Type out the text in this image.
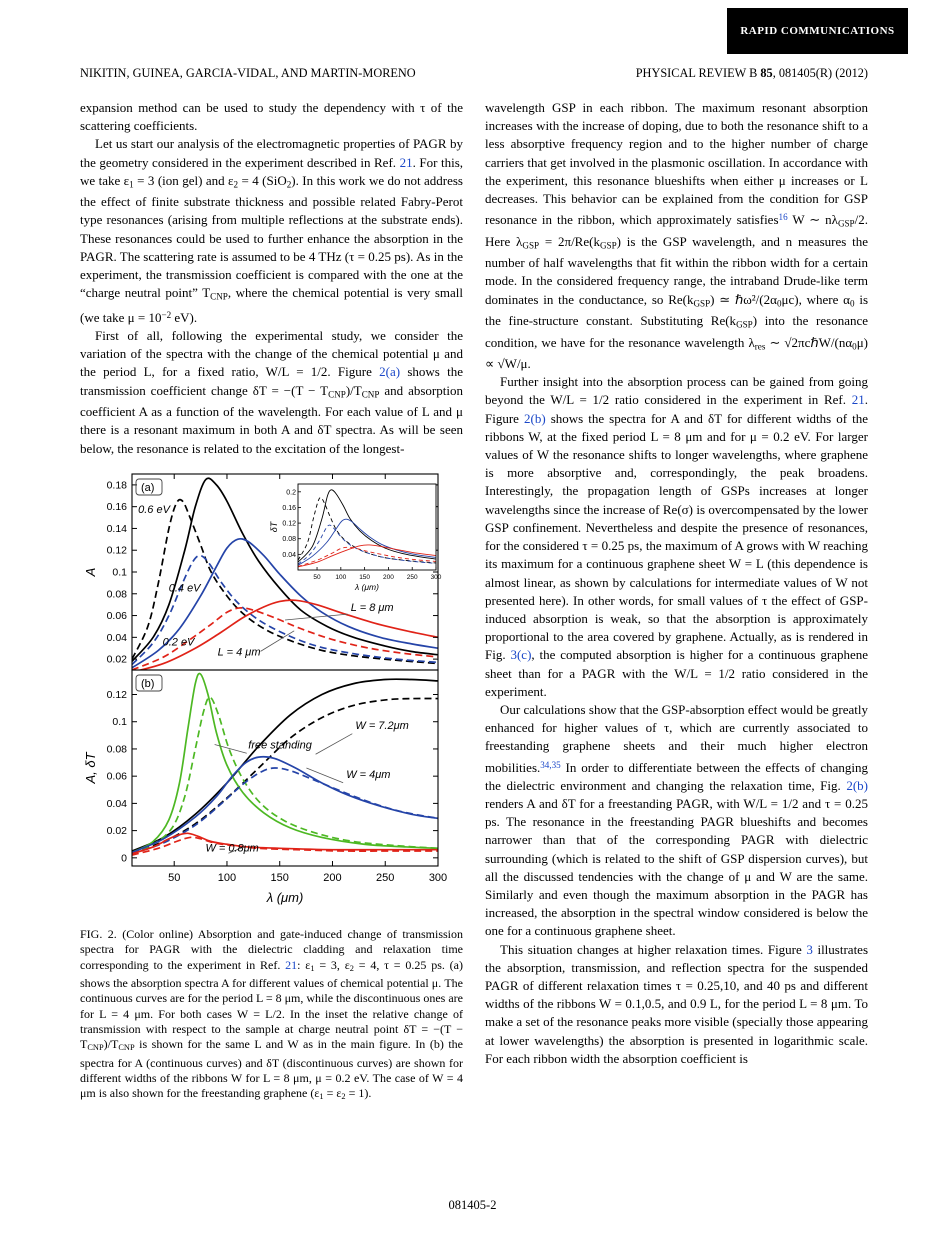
RAPID COMMUNICATIONS
NIKITIN, GUINEA, GARCIA-VIDAL, AND MARTIN-MORENO	PHYSICAL REVIEW B 85, 081405(R) (2012)

expansion method can be used to study the dependency with τ of the scattering coefficients.

Let us start our analysis of the electromagnetic properties of PAGR by the geometry considered in the experiment described in Ref. 21. For this, we take $\varepsilon_1 = 3$ (ion gel) and $\varepsilon_2 = 4$ (SiO$_2$). In this work we do not address the effect of finite substrate thickness and possible related Fabry-Perot type resonances (arising from multiple reflections at the substrate ends). These resonances could be used to further enhance the absorption in the PAGR. The scattering rate is assumed to be 4 THz (τ = 0.25 ps). As in the experiment, the transmission coefficient is compared with the one at the “charge neutral point” $T_{CNP}$, where the chemical potential is very small (we take $\mu = 10^{-2}$ eV).

First of all, following the experimental study, we consider the variation of the spectra with the change of the chemical potential μ and the period L, for a fixed ratio, W/L = 1/2. Figure 2(a) shows the transmission coefficient change $\delta T = -(T - T_{CNP})/T_{CNP}$ and absorption coefficient A as a function of the wavelength. For each value of L and μ there is a resonant maximum in both A and δT spectra. As will be seen below, the resonance is related to the excitation of the longest-

0.18
0.16
0.14
0.12
0.1
0.08
0.06
0.04
0.02
0.6 eV
0.4 eV
0.2 eV
L = 8 μm
L = 4 μm
(a)
A
0.12
0.1
0.08
0.06
0.04
0.02
0
W = 7.2μm
free standing
W = 4μm
W = 0.8μm
(b)
A, δT
50	100	150	200	250	300
λ (μm)
0.2
0.16
0.12
0.08
0.04
50 100 150 200 250 300
δT
λ (μm)
FIG. 2. (Color online) Absorption and gate-induced change of transmission spectra for PAGR with the dielectric cladding and relaxation time corresponding to the experiment in Ref. 21: $\varepsilon_1 = 3$, $\varepsilon_2 = 4$, τ = 0.25 ps. (a) shows the absorption spectra A for different values of chemical potential μ. The continuous curves are for the period L = 8 μm, while the discontinuous ones are for L = 4 μm. For both cases W = L/2. In the inset the relative change of transmission with respect to the sample at charge neutral point $\delta T = -(T - T_{CNP})/T_{CNP}$ is shown for the same L and W as in the main figure. In (b) the spectra for A (continuous curves) and δT (discontinuous curves) are shown for different widths of the ribbons W for L = 8 μm, μ = 0.2 eV. The case of W = 4 μm is also shown for the freestanding graphene $(\varepsilon_1 = \varepsilon_2 = 1)$.

wavelength GSP in each ribbon. The maximum resonant absorption increases with the increase of doping, due to both the resonance shift to a less absorptive frequency region and to the higher number of charge carriers that get involved in the plasmonic oscillation. In accordance with the experiment, this resonance blueshifts when either μ increases or L decreases. This behavior can be explained from the condition for GSP resonance in the ribbon, which approximately satisfies$^{16}$ W ∼ $n\lambda_{GSP}/2$. Here $\lambda_{GSP} = 2\pi/Re(k_{GSP})$ is the GSP wavelength, and n measures the number of half wavelengths that fit within the ribbon width for a certain mode. In the considered frequency range, the intraband Drude-like term dominates in the conductance, so $Re(k_{GSP})$ ≃ ℏω²/$(2\alpha_0\mu c)$, where $\alpha_0$ is the fine-structure constant. Substituting $Re(k_{GSP})$ into the resonance condition, we have for the resonance wavelength $\lambda_{res}$ ∼ $√2\pi c\hbar W/(n\alpha_0\mu) \propto √W/\mu$.

Further insight into the absorption process can be gained from going beyond the W/L = 1/2 ratio considered in the experiment in Ref. 21. Figure 2(b) shows the spectra for A and δT for different widths of the ribbons W, at the fixed period L = 8 μm and for μ = 0.2 eV. For larger values of W the resonance shifts to longer wavelengths, where graphene is more absorptive and, correspondingly, the peak broadens. Interestingly, the propagation length of GSPs increases at longer wavelengths since the increase of Re(σ) is overcompensated by the lower GSP confinement. Nevertheless and despite the presence of resonances, for the considered τ = 0.25 ps, the maximum of A grows with W reaching its maximum for a continuous graphene sheet W = L (this dependence is almost linear, as shown by calculations for intermediate values of W not presented here). In other words, for small values of τ the effect of GSP-induced absorption is weak, so that the absorption is approximately proportional to the area covered by graphene. Actually, as is rendered in Fig. 3(c), the computed absorption is higher for a continuous graphene sheet than for a PAGR with the W/L = 1/2 ratio considered in the experiment.

Our calculations show that the GSP-absorption effect would be greatly enhanced for higher values of τ, which are currently associated to freestanding graphene sheets and their much higher electron mobilities.$^{34,35}$ In order to differentiate between the effects of changing the dielectric environment and changing the relaxation time, Fig. 2(b) renders A and δT for a freestanding PAGR, with W/L = 1/2 and τ = 0.25 ps. The resonance in the freestanding PAGR blueshifts and becomes narrower than that of the corresponding PAGR with dielectric surrounding (which is related to the shift of GSP dispersion curves), but all the discussed tendencies with the change of μ and W are the same. Similarly and even though the maximum absorption in the PAGR has increased, the absorption in the spectral window considered is below the one for a continuous graphene sheet.

This situation changes at higher relaxation times. Figure 3 illustrates the absorption, transmission, and reflection spectra for the suspended PAGR of different relaxation times τ = 0.25,10, and 40 ps and different widths of the ribbons W = 0.1,0.5, and 0.9 L, for the period L = 8 μm. To make a set of the resonance peaks more visible (specially those appearing at lower wavelengths) the absorption is presented in logarithmic scale. For each ribbon width the absorption coefficient is

081405-2
